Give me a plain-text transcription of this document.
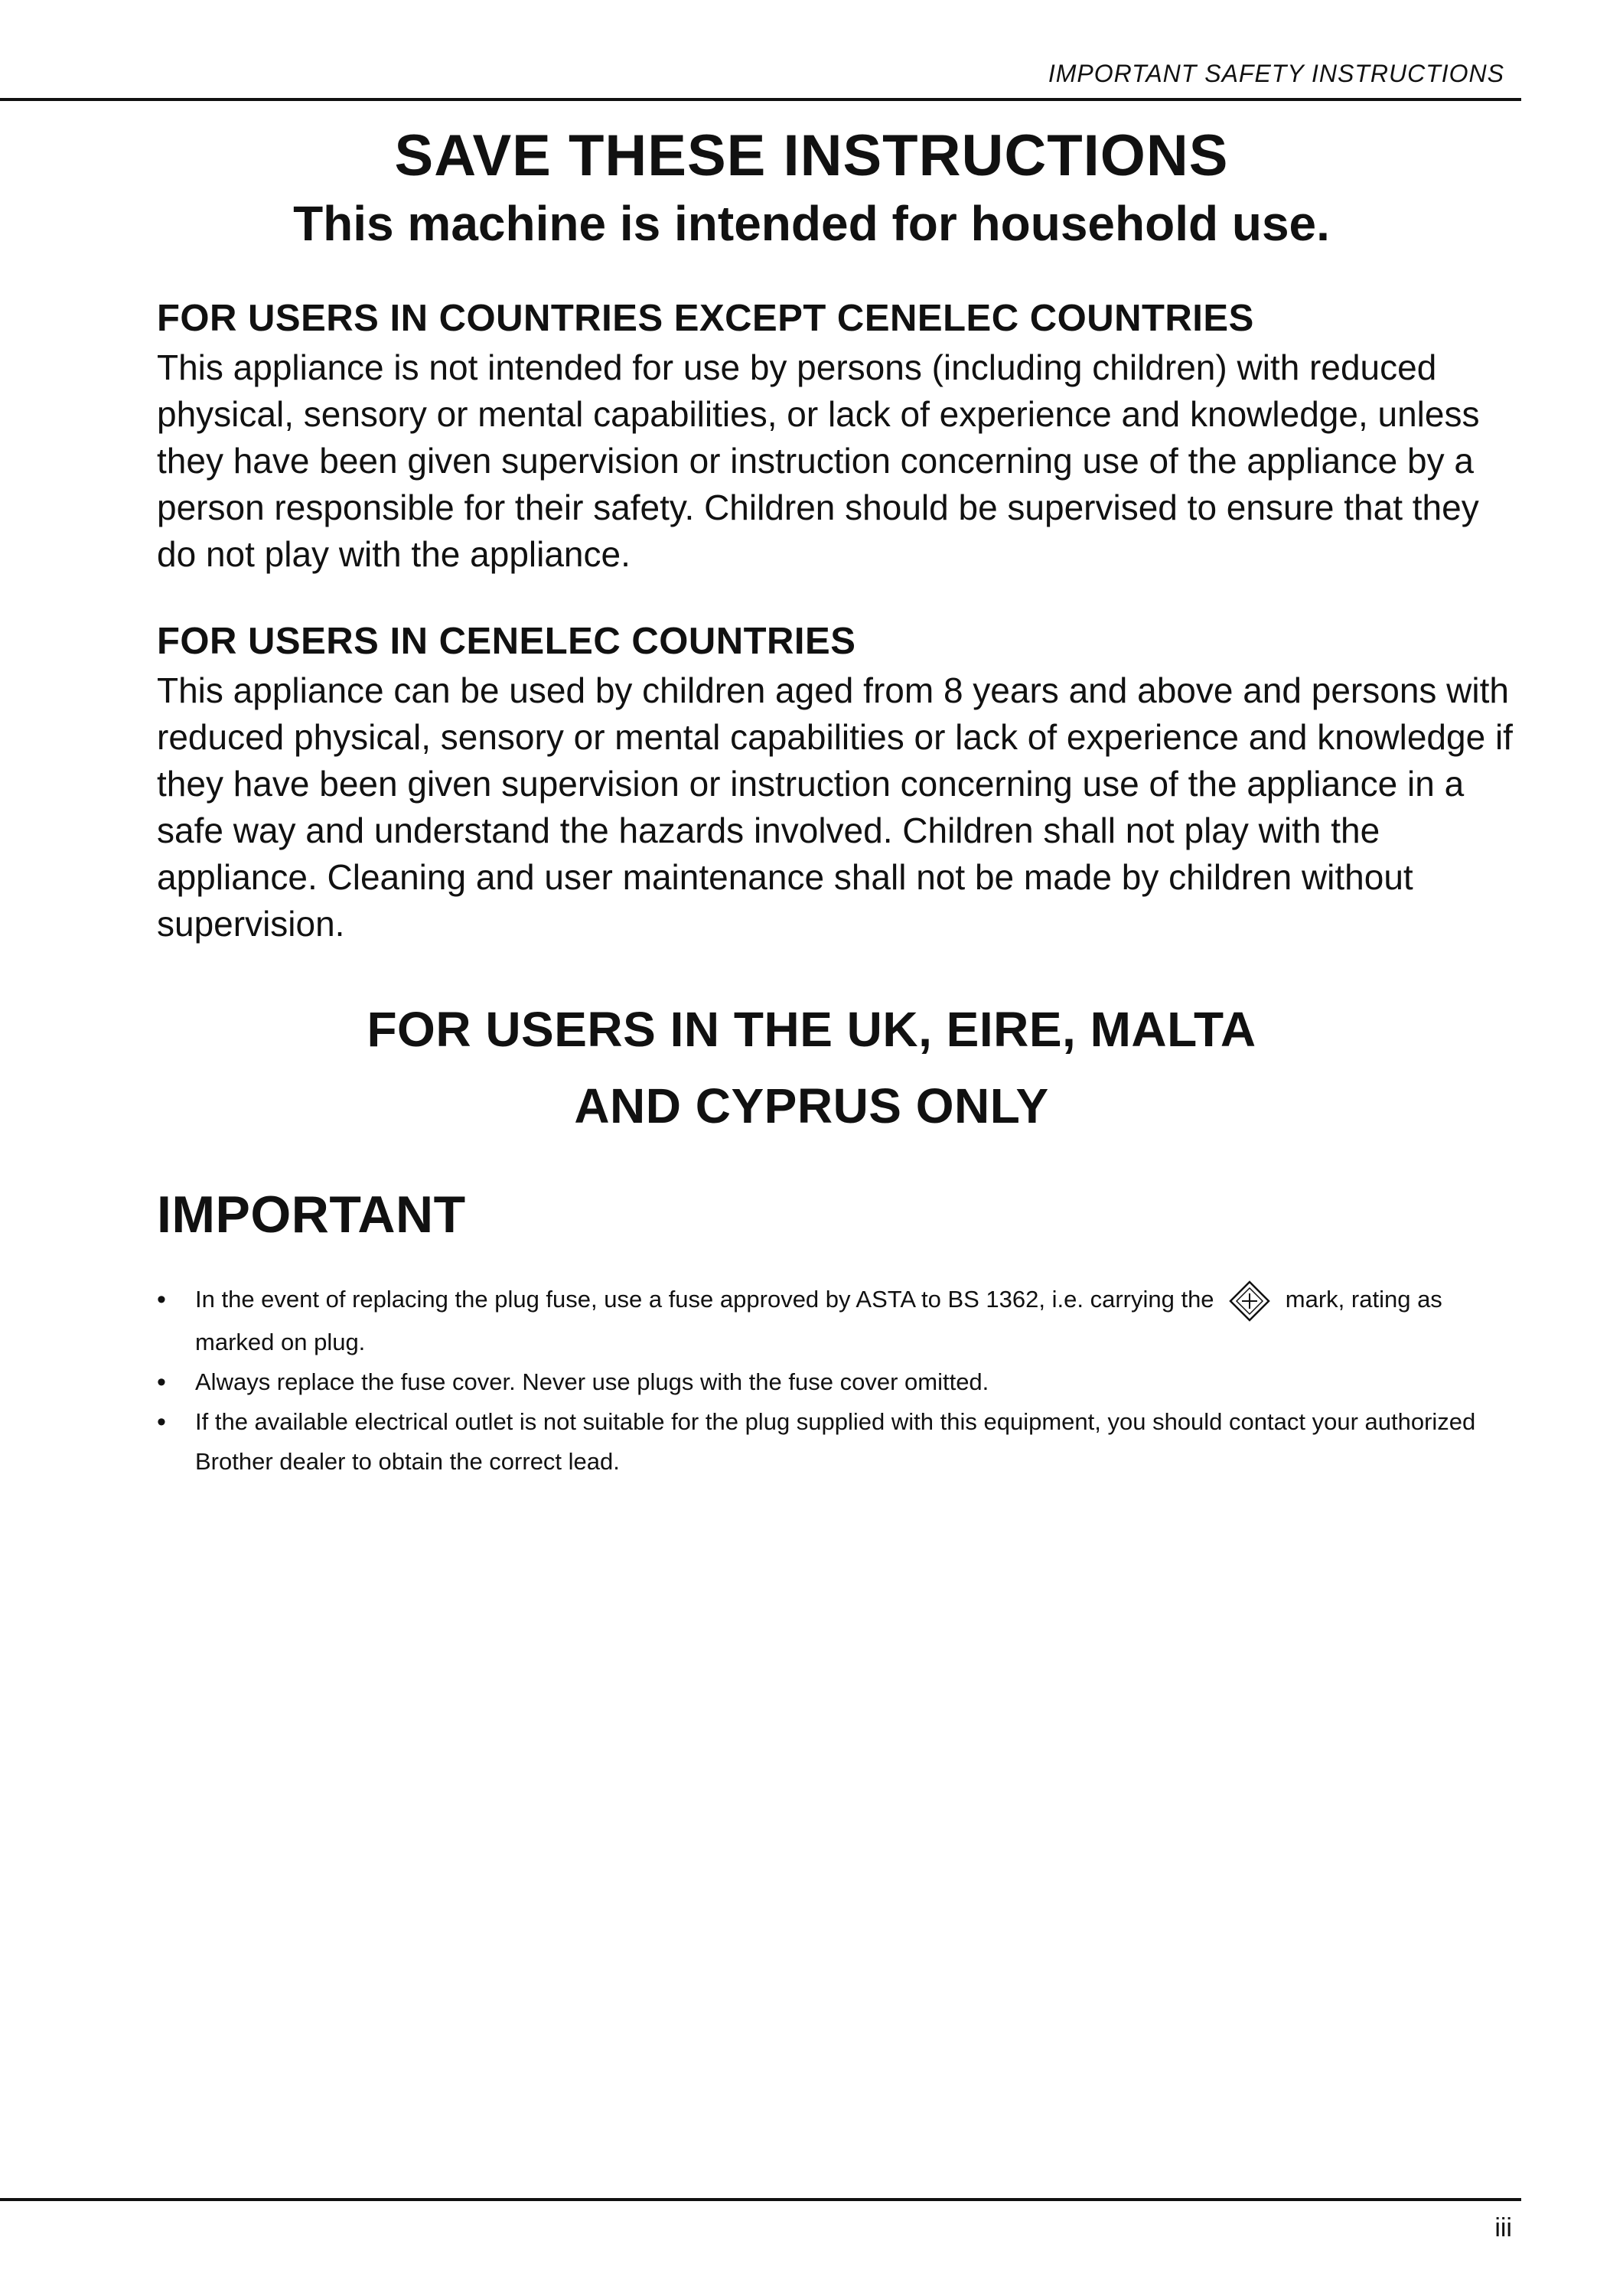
IMPORTANT SAFETY INSTRUCTIONS
SAVE THESE INSTRUCTIONS
This machine is intended for household use.
FOR USERS IN COUNTRIES EXCEPT CENELEC COUNTRIES

This appliance is not intended for use by persons (including children) with reduced physical, sensory or mental capabilities, or lack of experience and knowledge, unless they have been given supervision or instruction concerning use of the appliance by a person responsible for their safety. Children should be supervised to ensure that they do not play with the appliance.

FOR USERS IN CENELEC COUNTRIES

This appliance can be used by children aged from 8 years and above and persons with reduced physical, sensory or mental capabilities or lack of experience and knowledge if they have been given supervision or instruction concerning use of the appliance in a safe way and understand the hazards involved. Children shall not play with the appliance. Cleaning and user maintenance shall not be made by children without supervision.

FOR USERS IN THE UK, EIRE, MALTA
AND CYPRUS ONLY
IMPORTANT
• In the event of replacing the plug fuse, use a fuse approved by ASTA to BS 1362, i.e. carrying the	mark, rating as marked on plug.
• Always replace the fuse cover. Never use plugs with the fuse cover omitted.
• If the available electrical outlet is not suitable for the plug supplied with this equipment, you should contact your authorized Brother dealer to obtain the correct lead.
iii
